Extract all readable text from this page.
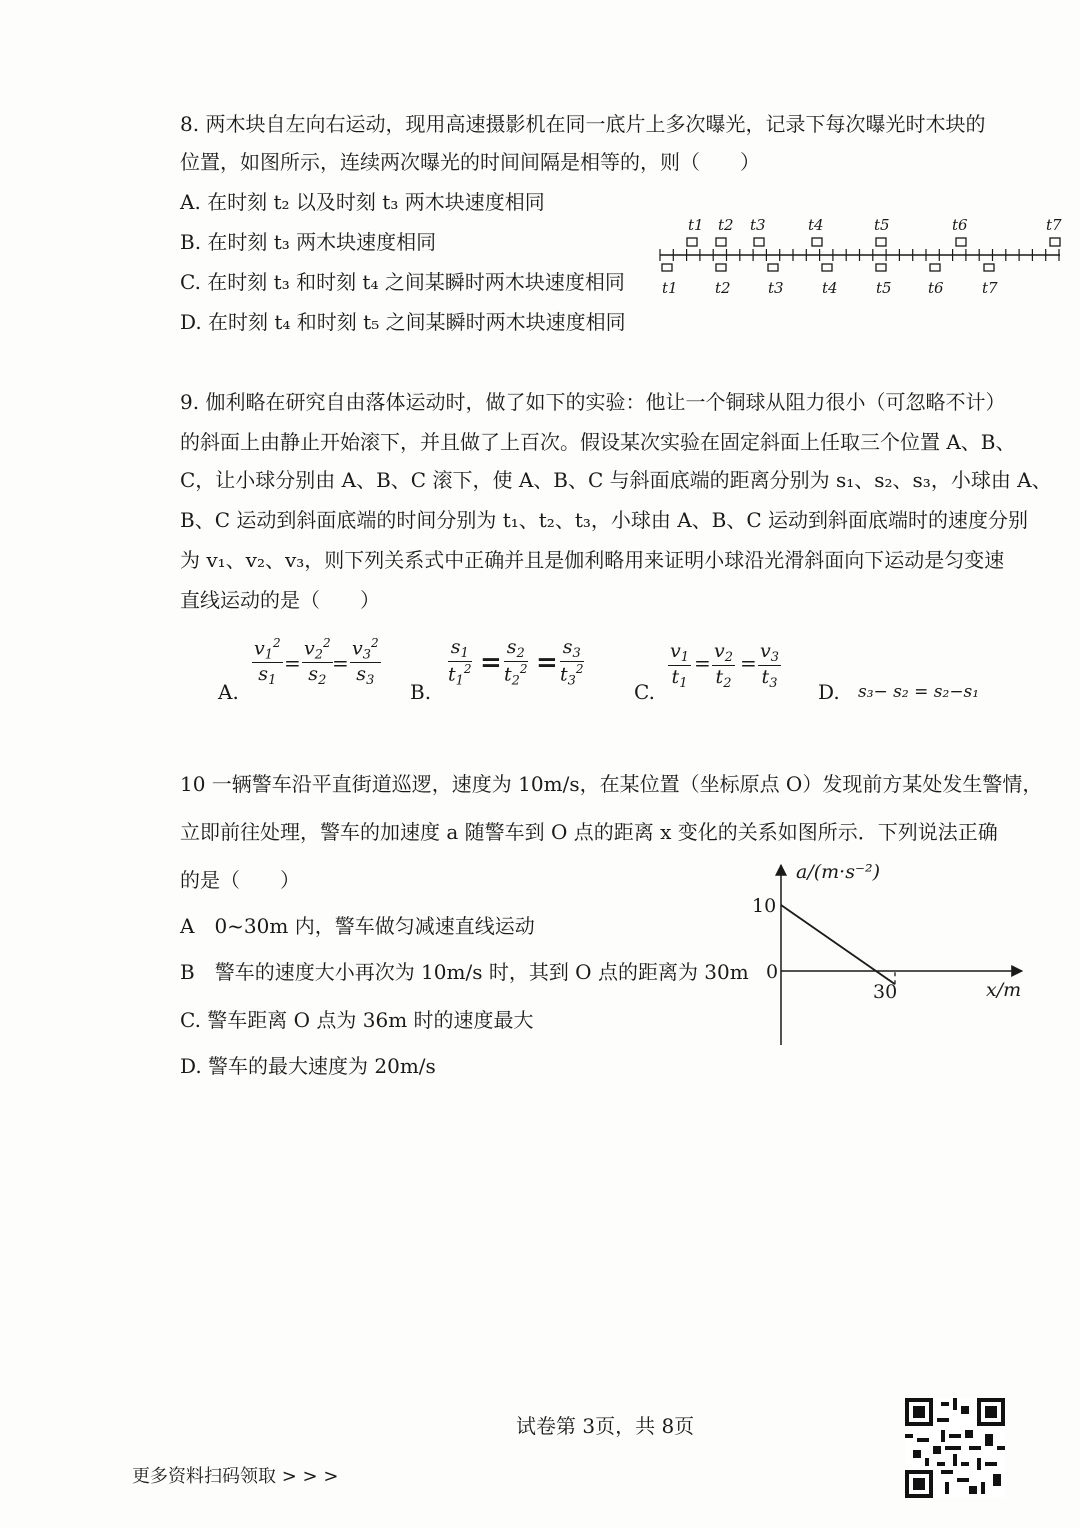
8. 两木块自左向右运动，现用高速摄影机在同一底片上多次曝光，记录下每次曝光时木块的
位置，如图所示，连续两次曝光的时间间隔是相等的，则（　　）
A. 在时刻 t₂ 以及时刻 t₃ 两木块速度相同
B. 在时刻 t₃ 两木块速度相同
C. 在时刻 t₃ 和时刻 t₄ 之间某瞬时两木块速度相同
D. 在时刻 t₄ 和时刻 t₅ 之间某瞬时两木块速度相同
t1 t2 t3	t4	t5	t6	t7
t1 t2 t3	t4	t5 t6	t7
9. 伽利略在研究自由落体运动时，做了如下的实验：他让一个铜球从阻力很小（可忽略不计）
的斜面上由静止开始滚下，并且做了上百次。假设某次实验在固定斜面上任取三个位置 A、B、
C，让小球分别由 A、B、C 滚下，使 A、B、C 与斜面底端的距离分别为 s₁、s₂、s₃，小球由 A、
B、C 运动到斜面底端的时间分别为 t₁、t₂、t₃，小球由 A、B、C 运动到斜面底端时的速度分别
为 v₁、v₂、v₃，则下列关系式中正确并且是伽利略用来证明小球沿光滑斜面向下运动是匀变速
直线运动的是（　　）
A.
$\frac{v_1^2}{s_1} = \frac{v_2^2}{s_2} = \frac{v_3^2}{s_3}$
B.
$\frac{s_1}{t_1^2} = \frac{s_2}{t_2^2} = \frac{s_3}{t_3^2}$
C.
$\frac{v_1}{t_1} = \frac{v_2}{t_2} = \frac{v_3}{t_3}$
D. s₃− s₂ = s₂−s₁
10 一辆警车沿平直街道巡逻，速度为 10m/s，在某位置（坐标原点 O）发现前方某处发生警情，
立即前往处理，警车的加速度 a 随警车到 O 点的距离 x 变化的关系如图所示．下列说法正确
的是（　　）
A　0~30m 内，警车做匀减速直线运动
B　警车的速度大小再次为 10m/s 时，其到 O 点的距离为 30m
C. 警车距离 O 点为 36m 时的速度最大
D. 警车的最大速度为 20m/s
a/(m·s⁻²)
x/m
10
0
30
试卷第 3页，共 8页
更多资料扫码领取 > > >
